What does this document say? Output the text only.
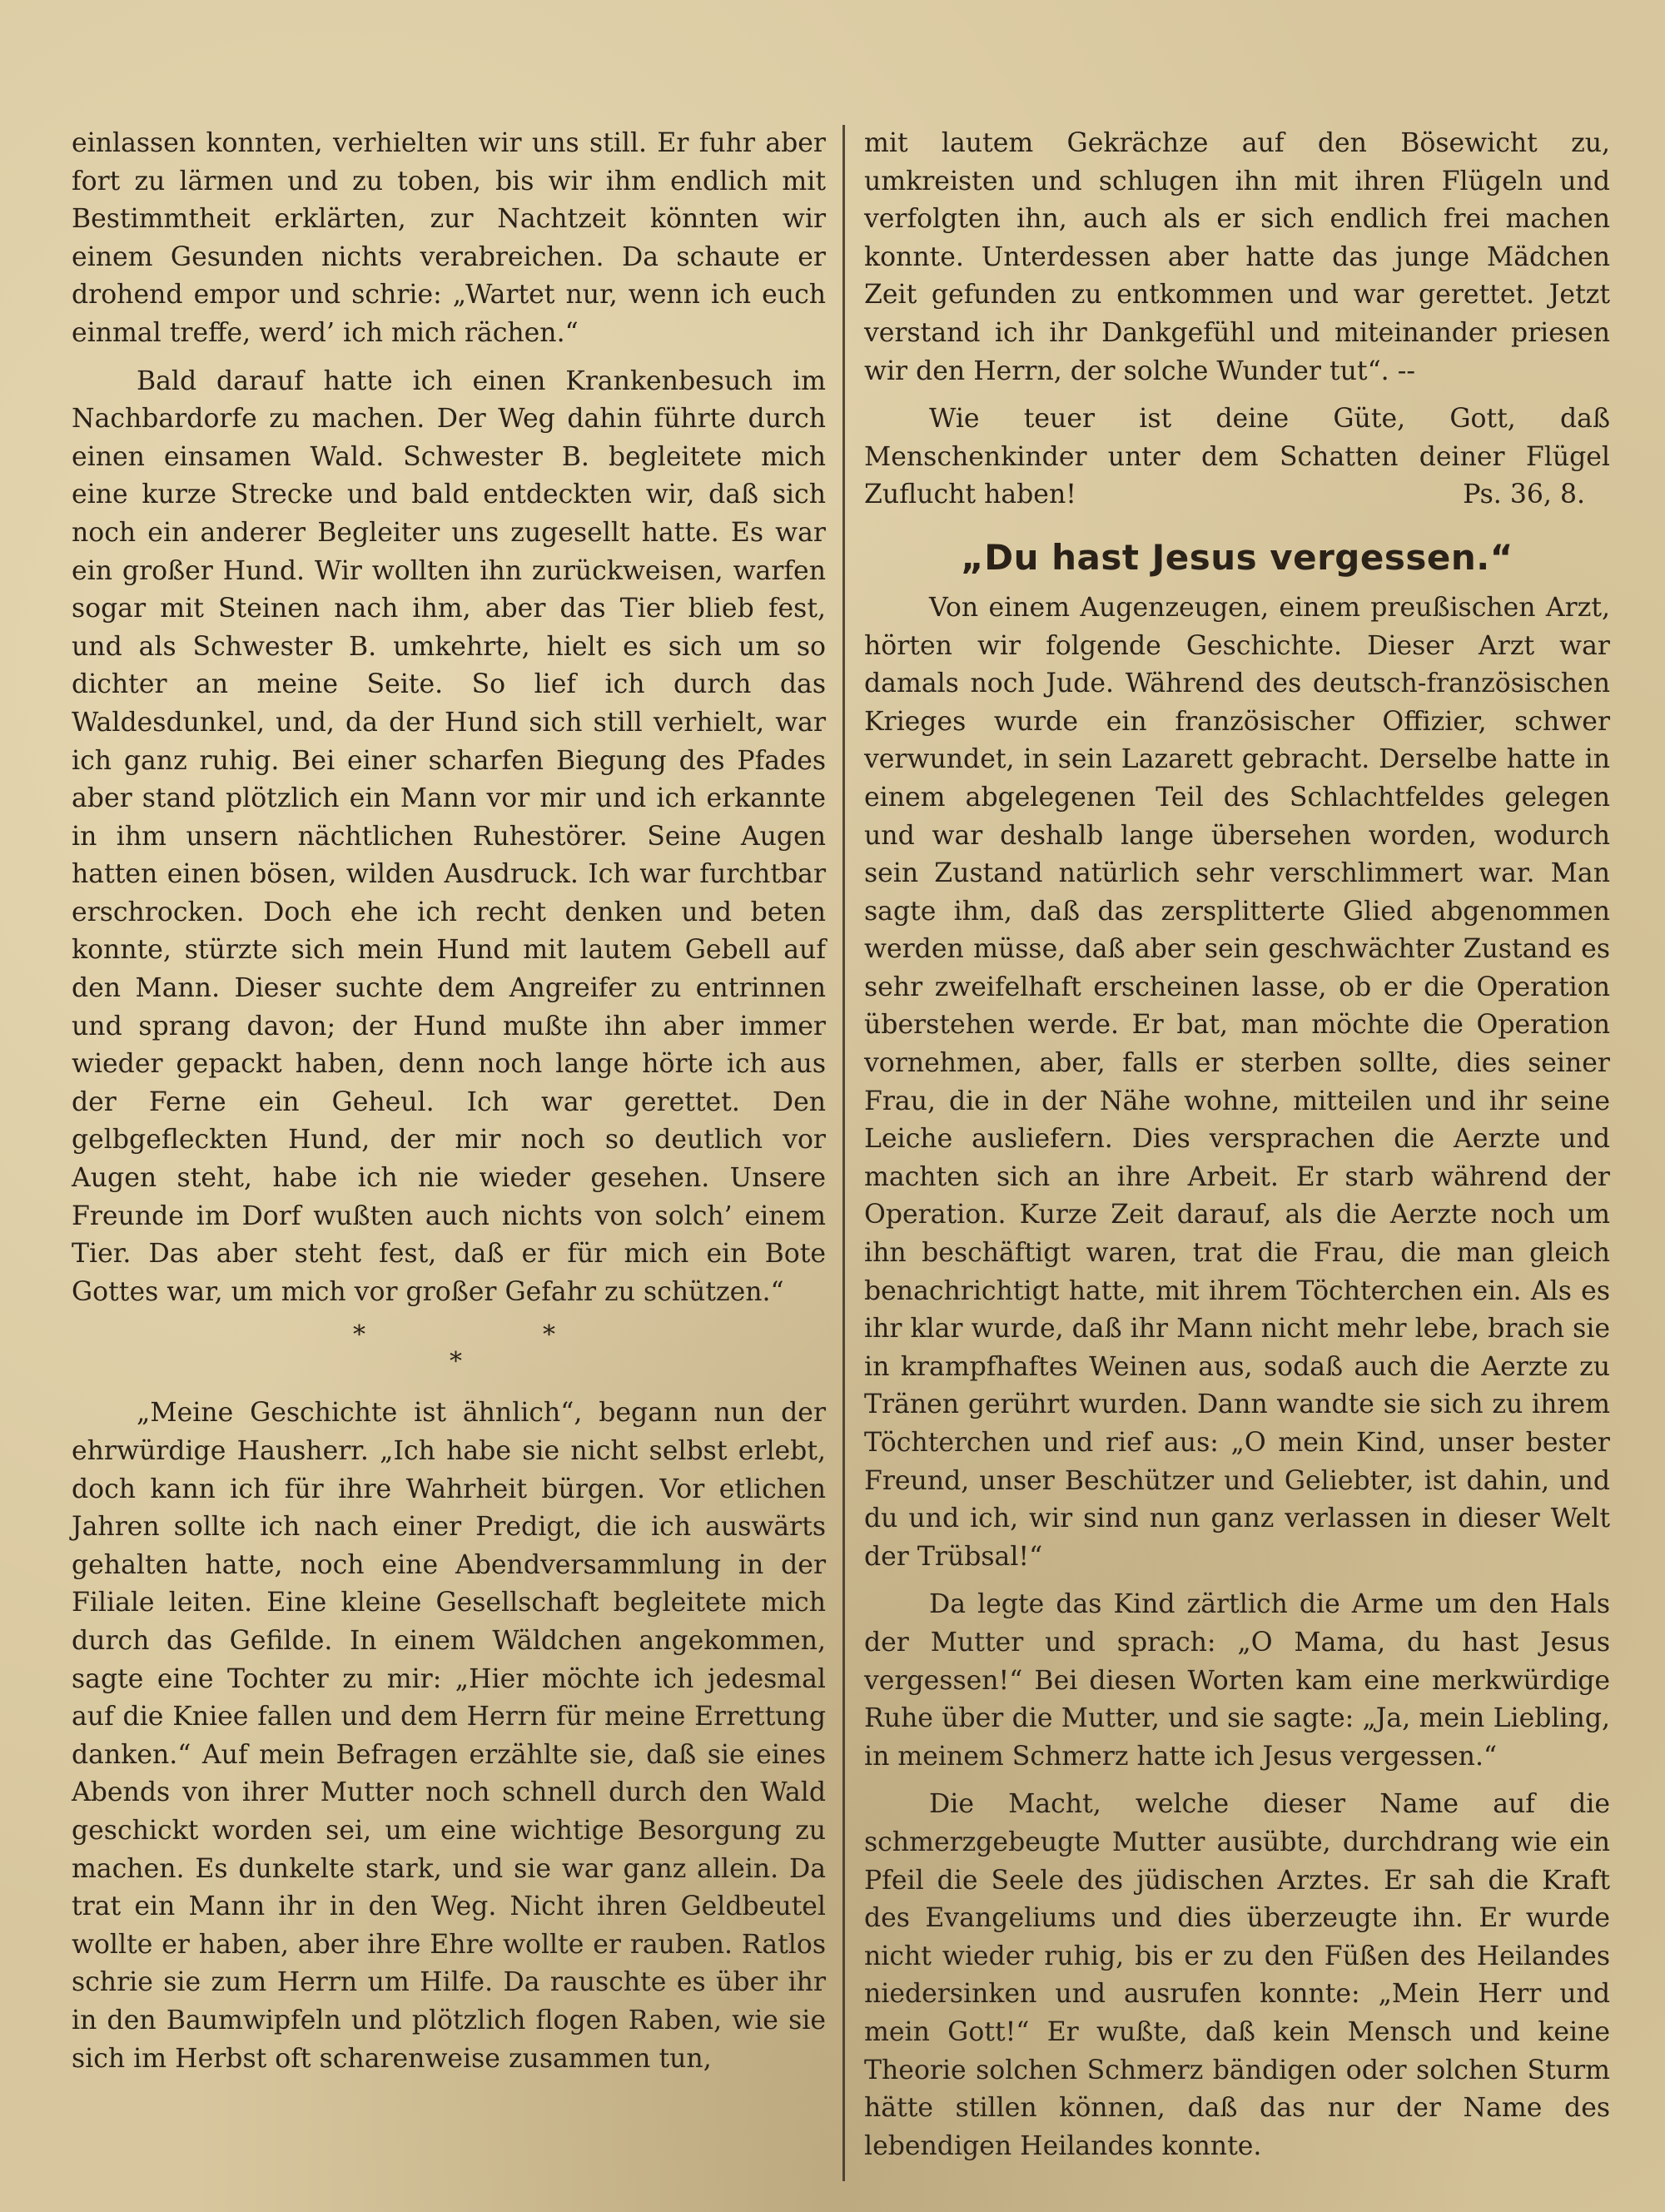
einlassen konnten, verhielten wir uns still. Er fuhr aber fort zu lärmen und zu toben, bis wir ihm endlich mit Bestimmtheit erklärten, zur Nachtzeit könnten wir einem Gesunden nichts verabreichen. Da schaute er drohend empor und schrie: „Wartet nur, wenn ich euch einmal treffe, werd’ ich mich rächen.“

Bald darauf hatte ich einen Krankenbesuch im Nachbardorfe zu machen. Der Weg dahin führte durch einen einsamen Wald. Schwester B. begleitete mich eine kurze Strecke und bald entdeckten wir, daß sich noch ein anderer Begleiter uns zugesellt hatte. Es war ein großer Hund. Wir wollten ihn zurückweisen, warfen sogar mit Steinen nach ihm, aber das Tier blieb fest, und als Schwester B. umkehrte, hielt es sich um so dichter an meine Seite. So lief ich durch das Waldesdunkel, und, da der Hund sich still verhielt, war ich ganz ruhig. Bei einer scharfen Biegung des Pfades aber stand plötzlich ein Mann vor mir und ich erkannte in ihm unsern nächtlichen Ruhestörer. Seine Augen hatten einen bösen, wilden Ausdruck. Ich war furchtbar erschrocken. Doch ehe ich recht denken und beten konnte, stürzte sich mein Hund mit lautem Gebell auf den Mann. Dieser suchte dem Angreifer zu entrinnen und sprang davon; der Hund mußte ihn aber immer wieder gepackt haben, denn noch lange hörte ich aus der Ferne ein Geheul. Ich war gerettet. Den gelbgefleckten Hund, der mir noch so deutlich vor Augen steht, habe ich nie wieder gesehen. Unsere Freunde im Dorf wußten auch nichts von solch’ einem Tier. Das aber steht fest, daß er für mich ein Bote Gottes war, um mich vor großer Gefahr zu schützen.“

*
*
*

„Meine Geschichte ist ähnlich“, begann nun der ehrwürdige Hausherr. „Ich habe sie nicht selbst erlebt, doch kann ich für ihre Wahrheit bürgen. Vor etlichen Jahren sollte ich nach einer Predigt, die ich auswärts gehalten hatte, noch eine Abendversammlung in der Filiale leiten. Eine kleine Gesellschaft begleitete mich durch das Gefilde. In einem Wäldchen angekommen, sagte eine Tochter zu mir: „Hier möchte ich jedesmal auf die Kniee fallen und dem Herrn für meine Errettung danken.“ Auf mein Befragen erzählte sie, daß sie eines Abends von ihrer Mutter noch schnell durch den Wald geschickt worden sei, um eine wichtige Besorgung zu machen. Es dunkelte stark, und sie war ganz allein. Da trat ein Mann ihr in den Weg. Nicht ihren Geldbeutel wollte er haben, aber ihre Ehre wollte er rauben. Ratlos schrie sie zum Herrn um Hilfe. Da rauschte es über ihr in den Baumwipfeln und plötzlich flogen Raben, wie sie sich im Herbst oft scharenweise zusammen tun,

mit lautem Gekrächze auf den Bösewicht zu, umkreisten und schlugen ihn mit ihren Flügeln und verfolgten ihn, auch als er sich endlich frei machen konnte. Unterdessen aber hatte das junge Mädchen Zeit gefunden zu entkommen und war gerettet. Jetzt verstand ich ihr Dankgefühl und miteinander priesen wir den Herrn, der solche Wunder tut“. --

Wie teuer ist deine Güte, Gott, daß Menschenkinder unter dem Schatten deiner Flügel Zuflucht haben!	Ps. 36, 8.

„Du hast Jesus vergessen.“

Von einem Augenzeugen, einem preußischen Arzt, hörten wir folgende Geschichte. Dieser Arzt war damals noch Jude. Während des deutsch-französischen Krieges wurde ein französischer Offizier, schwer verwundet, in sein Lazarett gebracht. Derselbe hatte in einem abgelegenen Teil des Schlachtfeldes gelegen und war deshalb lange übersehen worden, wodurch sein Zustand natürlich sehr verschlimmert war. Man sagte ihm, daß das zersplitterte Glied abgenommen werden müsse, daß aber sein geschwächter Zustand es sehr zweifelhaft erscheinen lasse, ob er die Operation überstehen werde. Er bat, man möchte die Operation vornehmen, aber, falls er sterben sollte, dies seiner Frau, die in der Nähe wohne, mitteilen und ihr seine Leiche ausliefern. Dies versprachen die Aerzte und machten sich an ihre Arbeit. Er starb während der Operation. Kurze Zeit darauf, als die Aerzte noch um ihn beschäftigt waren, trat die Frau, die man gleich benachrichtigt hatte, mit ihrem Töchterchen ein. Als es ihr klar wurde, daß ihr Mann nicht mehr lebe, brach sie in krampfhaftes Weinen aus, sodaß auch die Aerzte zu Tränen gerührt wurden. Dann wandte sie sich zu ihrem Töchterchen und rief aus: „O mein Kind, unser bester Freund, unser Beschützer und Geliebter, ist dahin, und du und ich, wir sind nun ganz verlassen in dieser Welt der Trübsal!“

Da legte das Kind zärtlich die Arme um den Hals der Mutter und sprach: „O Mama, du hast Jesus vergessen!“ Bei diesen Worten kam eine merkwürdige Ruhe über die Mutter, und sie sagte: „Ja, mein Liebling, in meinem Schmerz hatte ich Jesus vergessen.“

Die Macht, welche dieser Name auf die schmerzgebeugte Mutter ausübte, durchdrang wie ein Pfeil die Seele des jüdischen Arztes. Er sah die Kraft des Evangeliums und dies überzeugte ihn. Er wurde nicht wieder ruhig, bis er zu den Füßen des Heilandes niedersinken und ausrufen konnte: „Mein Herr und mein Gott!“ Er wußte, daß kein Mensch und keine Theorie solchen Schmerz bändigen oder solchen Sturm hätte stillen können, daß das nur der Name des lebendigen Heilandes konnte.
